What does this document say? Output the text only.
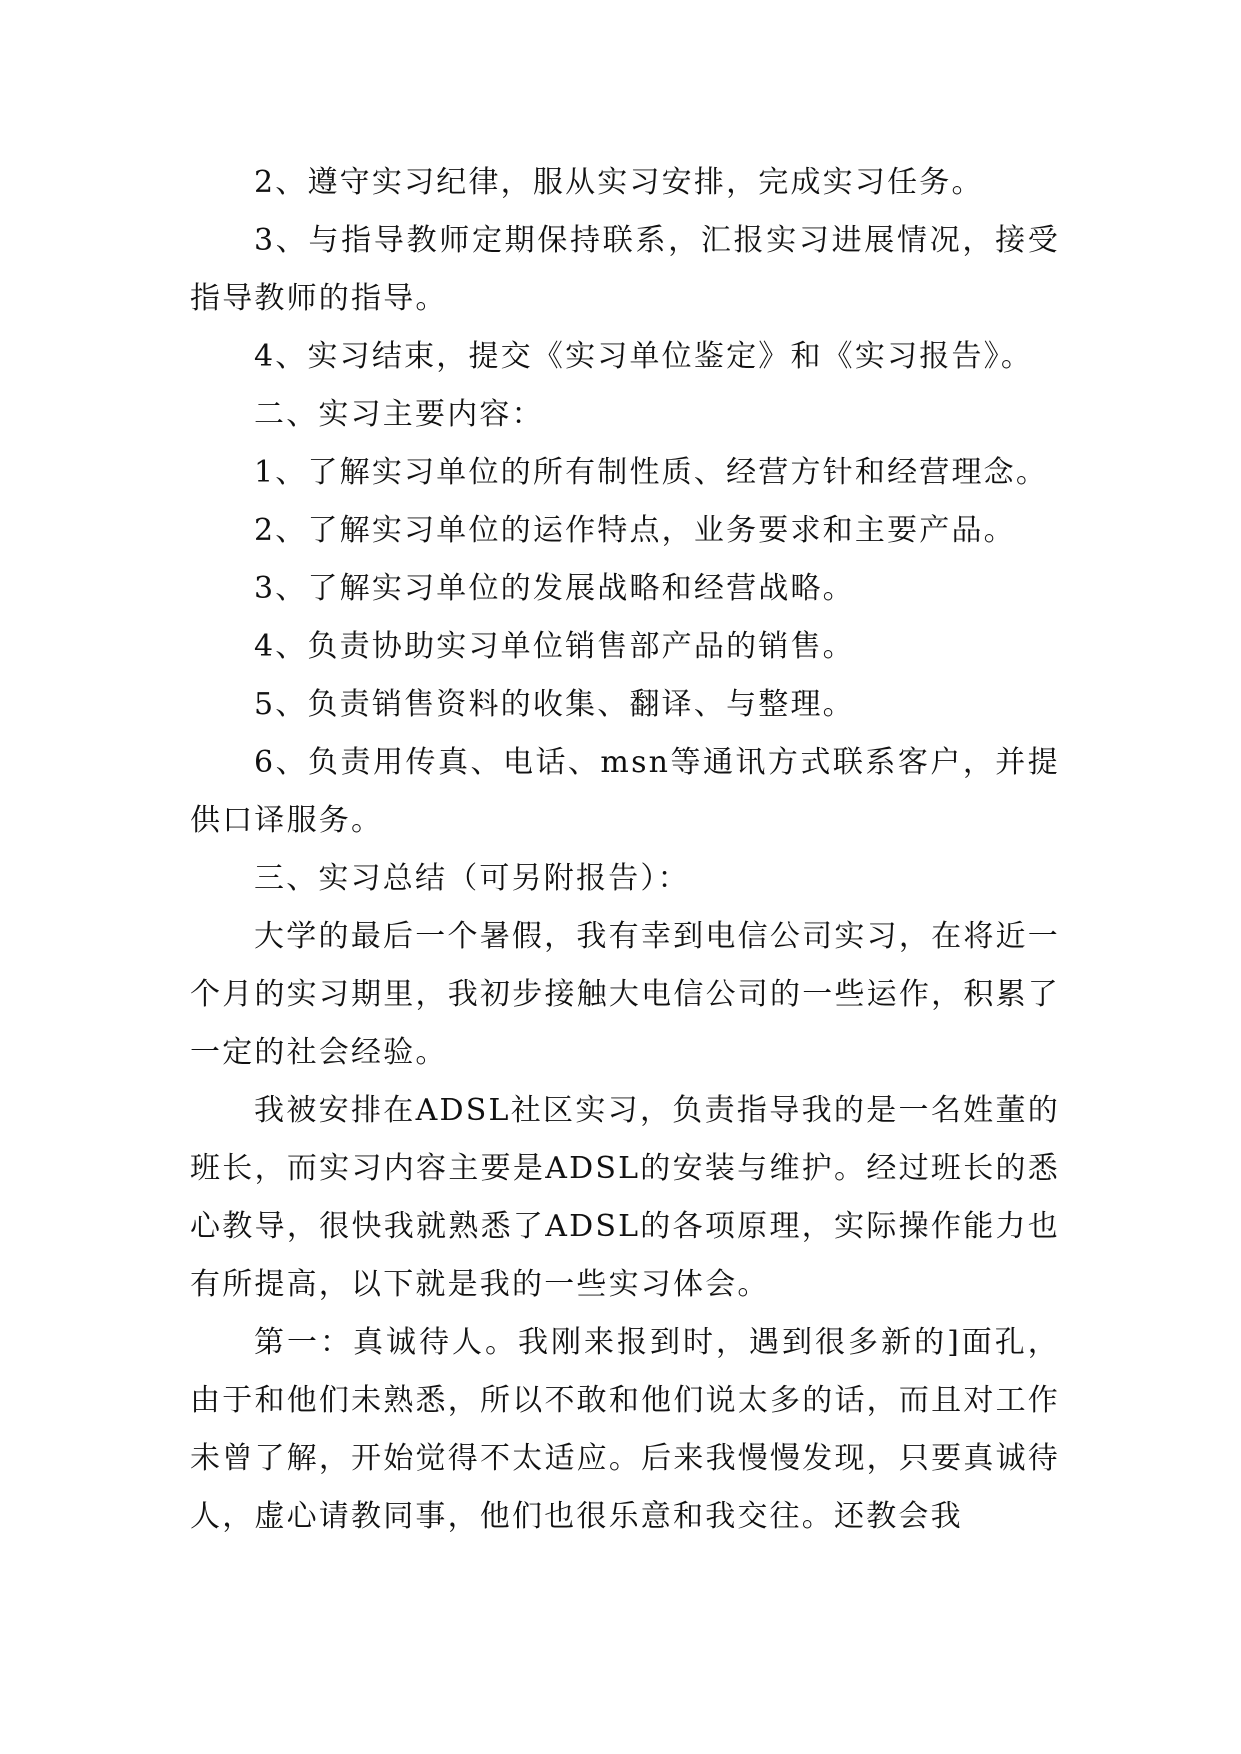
2、遵守实习纪律，服从实习安排，完成实习任务。

3、与指导教师定期保持联系，汇报实习进展情况，接受指导教师的指导。

4、实习结束，提交《实习单位鉴定》和《实习报告》。

二、实习主要内容：

1、了解实习单位的所有制性质、经营方针和经营理念。

2、了解实习单位的运作特点，业务要求和主要产品。

3、了解实习单位的发展战略和经营战略。

4、负责协助实习单位销售部产品的销售。

5、负责销售资料的收集、翻译、与整理。

6、负责用传真、电话、msn等通讯方式联系客户，并提供口译服务。

三、实习总结（可另附报告）：

大学的最后一个暑假，我有幸到电信公司实习，在将近一个月的实习期里，我初步接触大电信公司的一些运作，积累了一定的社会经验。

我被安排在ADSL社区实习，负责指导我的是一名姓董的班长，而实习内容主要是ADSL的安装与维护。经过班长的悉心教导，很快我就熟悉了ADSL的各项原理，实际操作能力也有所提高，以下就是我的一些实习体会。

第一：真诚待人。我刚来报到时，遇到很多新的]面孔，由于和他们未熟悉，所以不敢和他们说太多的话，而且对工作未曾了解，开始觉得不太适应。后来我慢慢发现，只要真诚待人，虚心请教同事，他们也很乐意和我交往。还教会我
